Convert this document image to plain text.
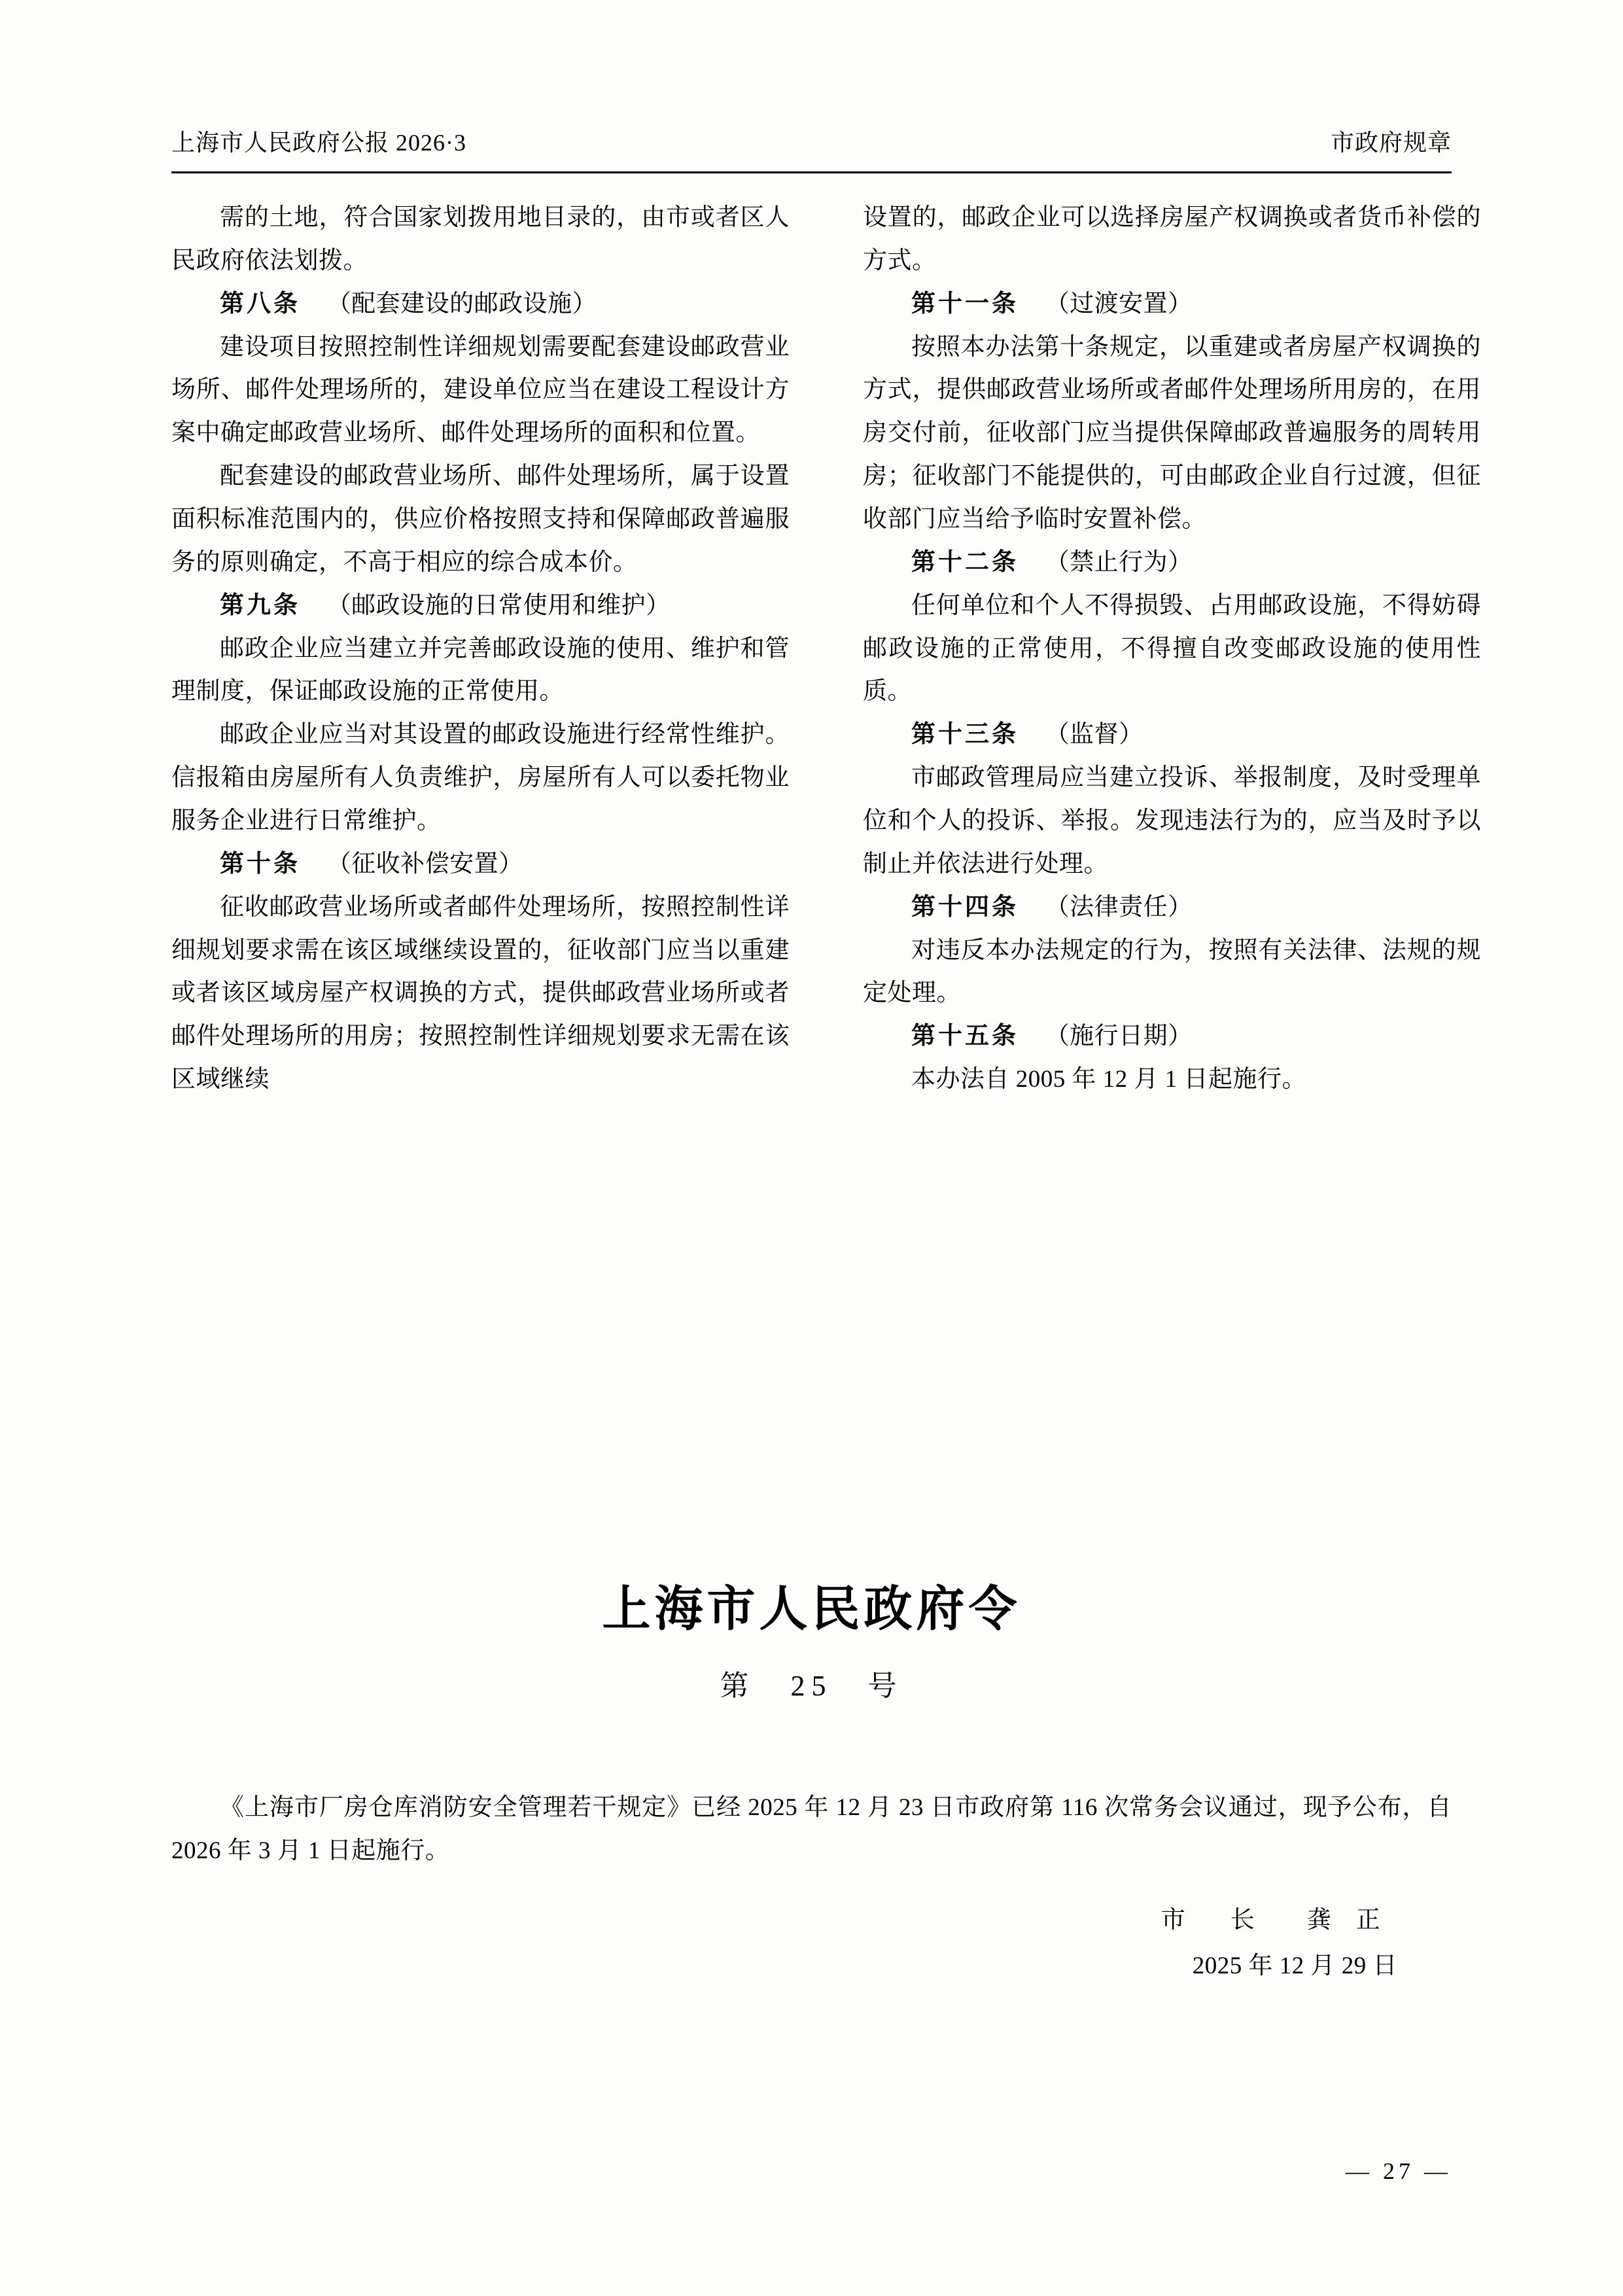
上海市人民政府公报 2026·3	市政府规章

需的土地，符合国家划拨用地目录的，由市或者区人民政府依法划拨。

第八条 （配套建设的邮政设施）

建设项目按照控制性详细规划需要配套建设邮政营业场所、邮件处理场所的，建设单位应当在建设工程设计方案中确定邮政营业场所、邮件处理场所的面积和位置。

配套建设的邮政营业场所、邮件处理场所，属于设置面积标准范围内的，供应价格按照支持和保障邮政普遍服务的原则确定，不高于相应的综合成本价。

第九条 （邮政设施的日常使用和维护）

邮政企业应当建立并完善邮政设施的使用、维护和管理制度，保证邮政设施的正常使用。

邮政企业应当对其设置的邮政设施进行经常性维护。信报箱由房屋所有人负责维护，房屋所有人可以委托物业服务企业进行日常维护。

第十条 （征收补偿安置）

征收邮政营业场所或者邮件处理场所，按照控制性详细规划要求需在该区域继续设置的，征收部门应当以重建或者该区域房屋产权调换的方式，提供邮政营业场所或者邮件处理场所的用房；按照控制性详细规划要求无需在该区域继续

设置的，邮政企业可以选择房屋产权调换或者货币补偿的方式。

第十一条 （过渡安置）

按照本办法第十条规定，以重建或者房屋产权调换的方式，提供邮政营业场所或者邮件处理场所用房的，在用房交付前，征收部门应当提供保障邮政普遍服务的周转用房；征收部门不能提供的，可由邮政企业自行过渡，但征收部门应当给予临时安置补偿。

第十二条 （禁止行为）

任何单位和个人不得损毁、占用邮政设施，不得妨碍邮政设施的正常使用，不得擅自改变邮政设施的使用性质。

第十三条 （监督）

市邮政管理局应当建立投诉、举报制度，及时受理单位和个人的投诉、举报。发现违法行为的，应当及时予以制止并依法进行处理。

第十四条 （法律责任）

对违反本办法规定的行为，按照有关法律、法规的规定处理。

第十五条 （施行日期）

本办法自 2005 年 12 月 1 日起施行。

上海市人民政府令
第　25　号
《上海市厂房仓库消防安全管理若干规定》已经 2025 年 12 月 23 日市政府第 116 次常务会议通过，现予公布，自 2026 年 3 月 1 日起施行。
市　长 龚　正
2025 年 12 月 29 日
— 27 —
